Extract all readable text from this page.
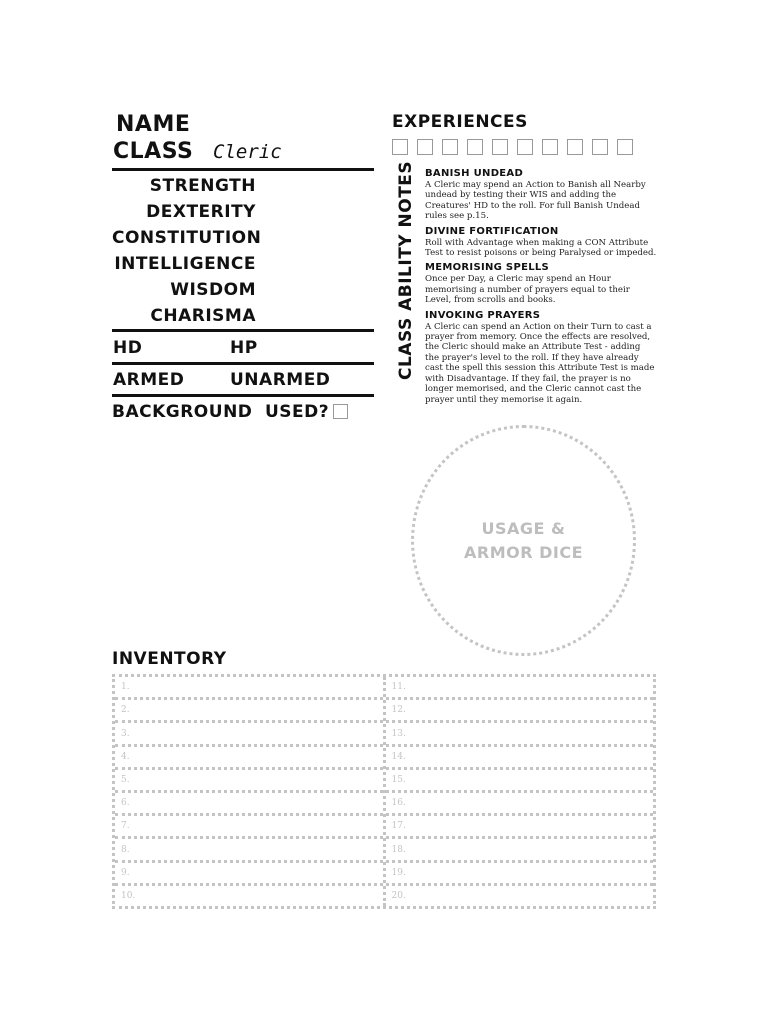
NAME
CLASS Cleric
STRENGTH
DEXTERITY
CONSTITUTION
INTELLIGENCE
WISDOM
CHARISMA
HD	HP
ARMED	UNARMED
BACKGROUND USED?
EXPERIENCES
CLASS ABILITY NOTES BANISH UNDEAD
A Cleric may spend an Action to Banish all Nearby undead by testing their WIS and adding the Creatures' HD to the roll. For full Banish Undead rules see p.15.
DIVINE FORTIFICATION
Roll with Advantage when making a CON Attribute Test to resist poisons or being Paralysed or impeded.
MEMORISING SPELLS
Once per Day, a Cleric may spend an Hour memorising a number of prayers equal to their Level, from scrolls and books.
INVOKING PRAYERS
A Cleric can spend an Action on their Turn to cast a prayer from memory. Once the effects are resolved, the Cleric should make an Attribute Test - adding the prayer's level to the roll. If they have already cast the spell this session this Attribute Test is made with Disadvantage. If they fail, the prayer is no longer memorised, and the Cleric cannot cast the prayer until they memorise it again.
USAGE &
ARMOR DICE
INVENTORY
1.
2.
3.
4.
5.
6.
7.
8.
9.
10.
11.
12.
13.
14.
15.
16.
17.
18.
19.
20.
